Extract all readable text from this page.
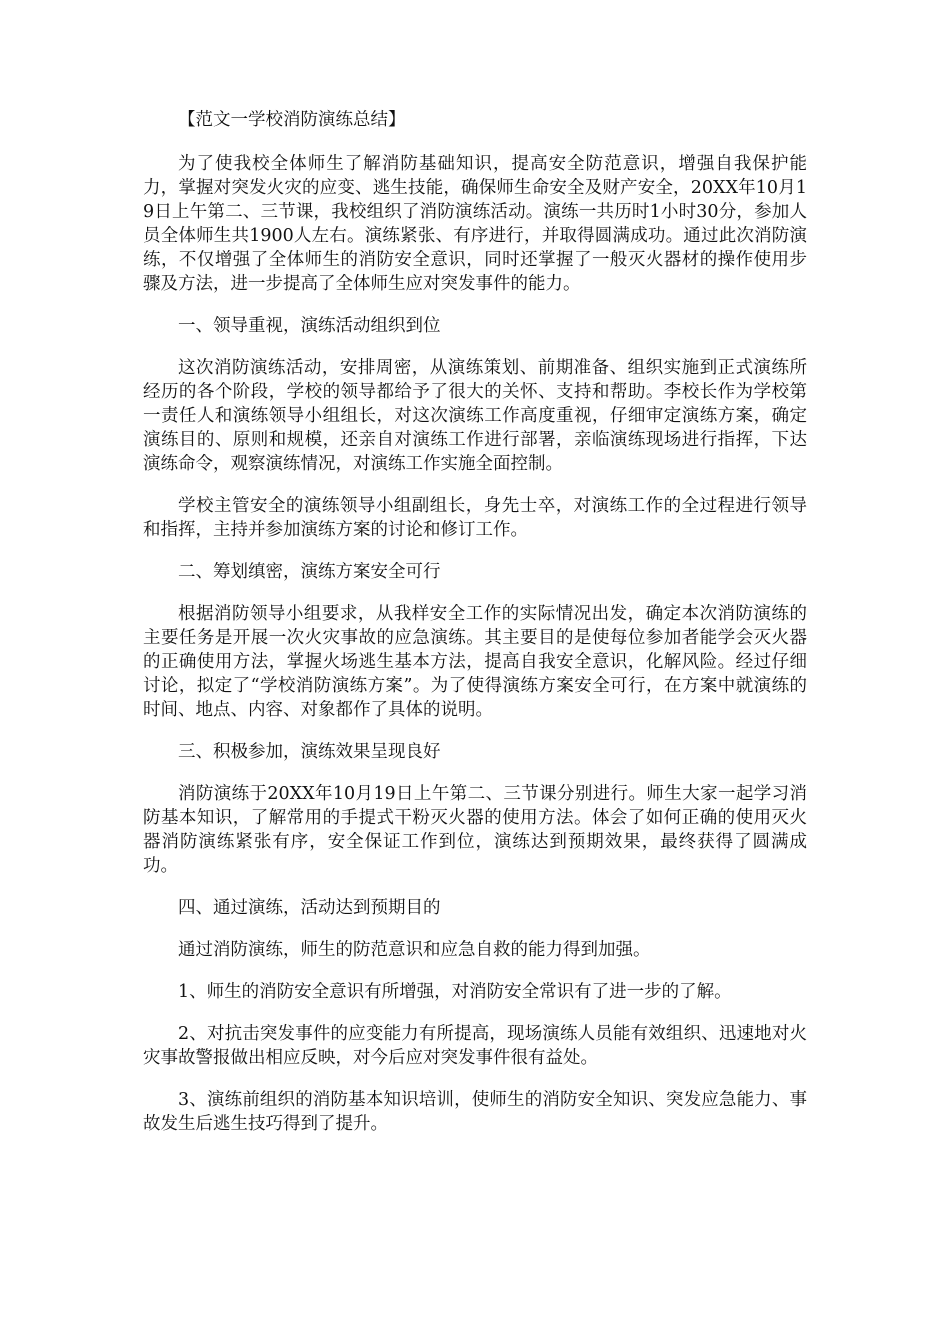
【范文一学校消防演练总结】

为了使我校全体师生了解消防基础知识，提高安全防范意识，增强自我保护能力，掌握对突发火灾的应变、逃生技能，确保师生命安全及财产安全，20XX年10月19日上午第二、三节课，我校组织了消防演练活动。演练一共历时1小时30分，参加人员全体师生共1900人左右。演练紧张、有序进行，并取得圆满成功。通过此次消防演练，不仅增强了全体师生的消防安全意识，同时还掌握了一般灭火器材的操作使用步骤及方法，进一步提高了全体师生应对突发事件的能力。

一、领导重视，演练活动组织到位

这次消防演练活动，安排周密，从演练策划、前期准备、组织实施到正式演练所经历的各个阶段，学校的领导都给予了很大的关怀、支持和帮助。李校长作为学校第一责任人和演练领导小组组长，对这次演练工作高度重视，仔细审定演练方案，确定演练目的、原则和规模，还亲自对演练工作进行部署，亲临演练现场进行指挥，下达演练命令，观察演练情况，对演练工作实施全面控制。

学校主管安全的演练领导小组副组长，身先士卒，对演练工作的全过程进行领导和指挥，主持并参加演练方案的讨论和修订工作。

二、筹划缜密，演练方案安全可行

根据消防领导小组要求，从我样安全工作的实际情况出发，确定本次消防演练的主要任务是开展一次火灾事故的应急演练。其主要目的是使每位参加者能学会灭火器的正确使用方法，掌握火场逃生基本方法，提高自我安全意识，化解风险。经过仔细讨论，拟定了“学校消防演练方案”。为了使得演练方案安全可行，在方案中就演练的时间、地点、内容、对象都作了具体的说明。

三、积极参加，演练效果呈现良好

消防演练于20XX年10月19日上午第二、三节课分别进行。师生大家一起学习消防基本知识，了解常用的手提式干粉灭火器的使用方法。体会了如何正确的使用灭火器消防演练紧张有序，安全保证工作到位，演练达到预期效果，最终获得了圆满成功。

四、通过演练，活动达到预期目的

通过消防演练，师生的防范意识和应急自救的能力得到加强。

1、师生的消防安全意识有所增强，对消防安全常识有了进一步的了解。

2、对抗击突发事件的应变能力有所提高，现场演练人员能有效组织、迅速地对火灾事故警报做出相应反映，对今后应对突发事件很有益处。

3、演练前组织的消防基本知识培训，使师生的消防安全知识、突发应急能力、事故发生后逃生技巧得到了提升。
